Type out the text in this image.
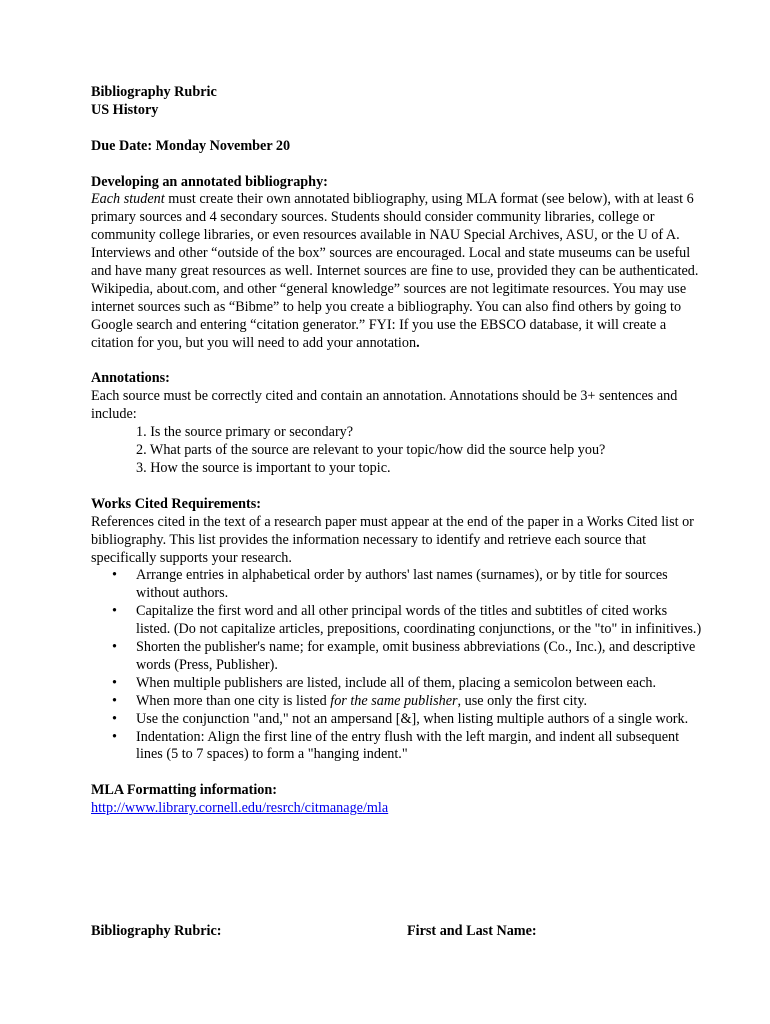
Bibliography Rubric

US History

Due Date: Monday November 20

Developing an annotated bibliography:

Each student must create their own annotated bibliography, using MLA format (see below), with at least 6 primary sources and 4 secondary sources. Students should consider community libraries, college or community college libraries, or even resources available in NAU Special Archives, ASU, or the U of A. Interviews and other “outside of the box” sources are encouraged. Local and state museums can be useful and have many great resources as well. Internet sources are fine to use, provided they can be authenticated. Wikipedia, about.com, and other “general knowledge” sources are not legitimate resources. You may use internet sources such as “Bibme” to help you create a bibliography. You can also find others by going to Google search and entering “citation generator.” FYI: If you use the EBSCO database, it will create a citation for you, but you will need to add your annotation.

Annotations:

Each source must be correctly cited and contain an annotation. Annotations should be 3+ sentences and include:

1. Is the source primary or secondary?
2. What parts of the source are relevant to your topic/how did the source help you?
3. How the source is important to your topic.

Works Cited Requirements:

References cited in the text of a research paper must appear at the end of the paper in a Works Cited list or bibliography. This list provides the information necessary to identify and retrieve each source that specifically supports your research.

• Arrange entries in alphabetical order by authors' last names (surnames), or by title for sources without authors.
• Capitalize the first word and all other principal words of the titles and subtitles of cited works listed. (Do not capitalize articles, prepositions, coordinating conjunctions, or the "to" in infinitives.)
• Shorten the publisher's name; for example, omit business abbreviations (Co., Inc.), and descriptive words (Press, Publisher).
• When multiple publishers are listed, include all of them, placing a semicolon between each.
• When more than one city is listed for the same publisher, use only the first city.
• Use the conjunction "and," not an ampersand [&], when listing multiple authors of a single work.
• Indentation: Align the first line of the entry flush with the left margin, and indent all subsequent lines (5 to 7 spaces) to form a "hanging indent."

MLA Formatting information:

http://www.library.cornell.edu/resrch/citmanage/mla

Bibliography Rubric:	First and Last Name:
